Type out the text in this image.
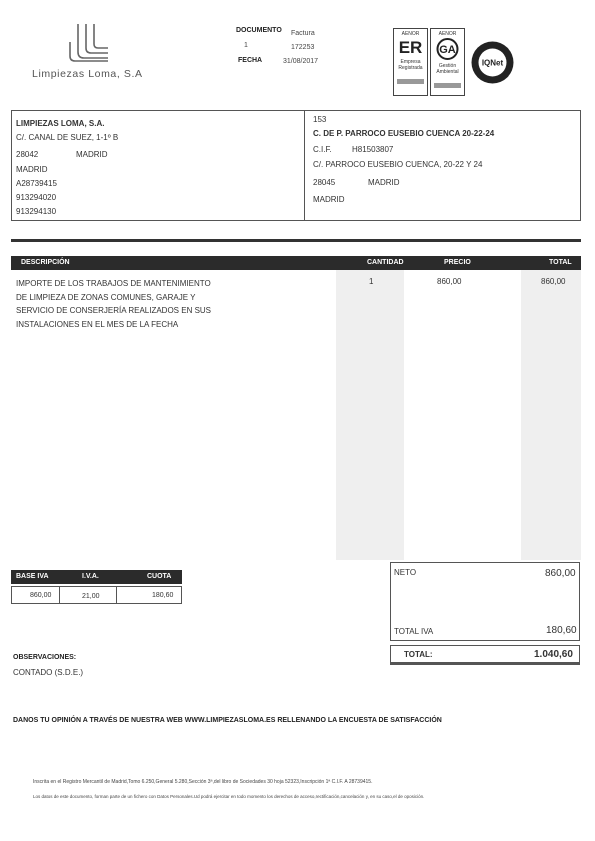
Limpiezas Loma, S.A
DOCUMENTO Factura
1	172253
FECHA	31/08/2017
AENOR
ER
Empresa
Registrada
AENOR
GA
Gestión
Ambiental
IQNet
LIMPIEZAS LOMA, S.A.
C/. CANAL DE SUEZ, 1-1º B
28042	MADRID
MADRID
A28739415
913294020
913294130
153
C. DE P. PARROCO EUSEBIO CUENCA 20-22-24
C.I.F.	H81503807
C/. PARROCO EUSEBIO CUENCA, 20-22 Y 24
28045	MADRID
MADRID
DESCRIPCIÓN	CANTIDAD	PRECIO	TOTAL
IMPORTE DE LOS TRABAJOS DE MANTENIMIENTO
DE LIMPIEZA DE ZONAS COMUNES, GARAJE Y
SERVICIO DE CONSERJERÍA REALIZADOS EN SUS
INSTALACIONES EN EL MES DE LA FECHA
1	860,00	860,00
BASE IVA	I.V.A.	CUOTA
860,00	21,00	180,60
NETO	860,00
TOTAL IVA	180,60
TOTAL:	1.040,60
OBSERVACIONES:
CONTADO (S.D.E.)
DANOS TU OPINIÓN A TRAVÉS DE NUESTRA WEB WWW.LIMPIEZASLOMA.ES RELLENANDO LA ENCUESTA DE SATISFACCIÓN
Inscrita en el Registro Mercantil de Madrid,Tomo 6.250,General 5.280,Sección 3ª,del libro de Sociedades 30 hoja 52323,Inscripción 1ª C.I.F. A 28739415.
Los datos de este documento, forman parte de un fichero con Datos Personales.Ud podrá ejercitar en todo momento los derechos de acceso,rectificación,cancelación y, en su caso,el de oposición.
